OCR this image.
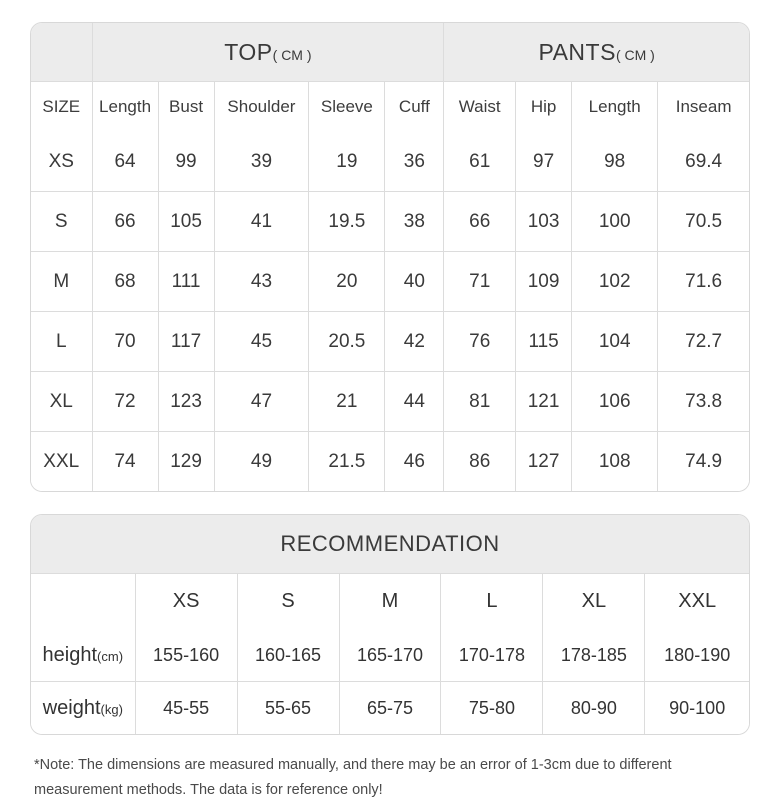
	TOP( CM )					PANTS( CM )			
SIZE	Length	Bust	Shoulder	Sleeve	Cuff	Waist	Hip	Length	Inseam
XS	64	99	39	19	36	61	97	98	69.4
S	66	105	41	19.5	38	66	103	100	70.5
M	68	111	43	20	40	71	109	102	71.6
L	70	117	45	20.5	42	76	115	104	72.7
XL	72	123	47	21	44	81	121	106	73.8
XXL	74	129	49	21.5	46	86	127	108	74.9
RECOMMENDATION						
	XS	S	M	L	XL	XXL
height(cm)	155-160	160-165	165-170	170-178	178-185	180-190
weight(kg)	45-55	55-65	65-75	75-80	80-90	90-100
*Note: The dimensions are measured manually, and there may be an error of 1-3cm due to different
measurement methods. The data is for reference only!
